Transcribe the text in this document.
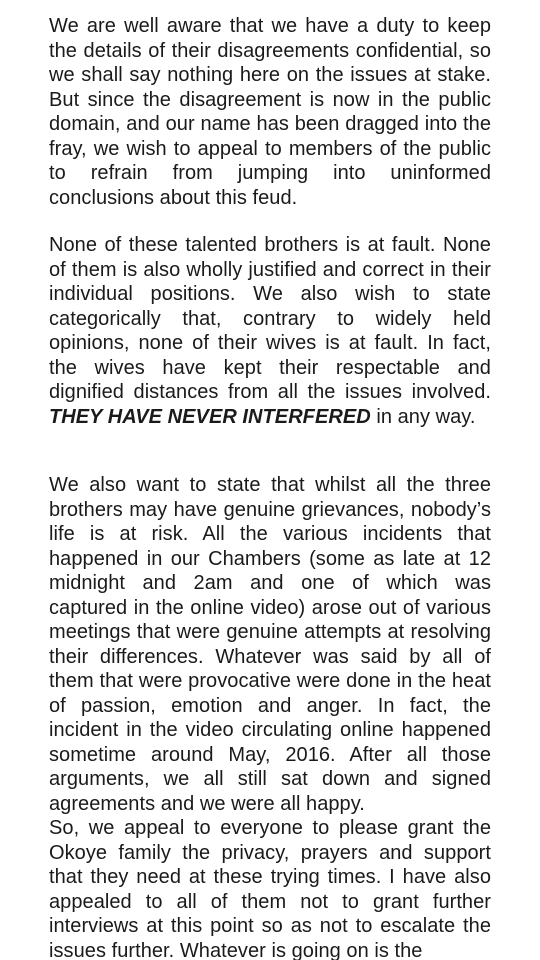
We are well aware that we have a duty to keep the details of their disagreements confidential, so we shall say nothing here on the issues at stake. But since the disagreement is now in the public domain, and our name has been dragged into the fray, we wish to appeal to members of the public to refrain from jumping into uninformed conclusions about this feud.

None of these talented brothers is at fault. None of them is also wholly justified and correct in their individual positions. We also wish to state categorically that, contrary to widely held opinions, none of their wives is at fault. In fact, the wives have kept their respectable and dignified distances from all the issues involved. THEY HAVE NEVER INTERFERED in any way.

We also want to state that whilst all the three brothers may have genuine grievances, nobody’s life is at risk. All the various incidents that happened in our Chambers (some as late at 12 midnight and 2am and one of which was captured in the online video) arose out of various meetings that were genuine attempts at resolving their differences. Whatever was said by all of them that were provocative were done in the heat of passion, emotion and anger. In fact, the incident in the video circulating online happened sometime around May, 2016. After all those arguments, we all still sat down and signed agreements and we were all happy.

So, we appeal to everyone to please grant the Okoye family the privacy, prayers and support that they need at these trying times. I have also appealed to all of them not to grant further interviews at this point so as not to escalate the issues further. Whatever is going on is the
